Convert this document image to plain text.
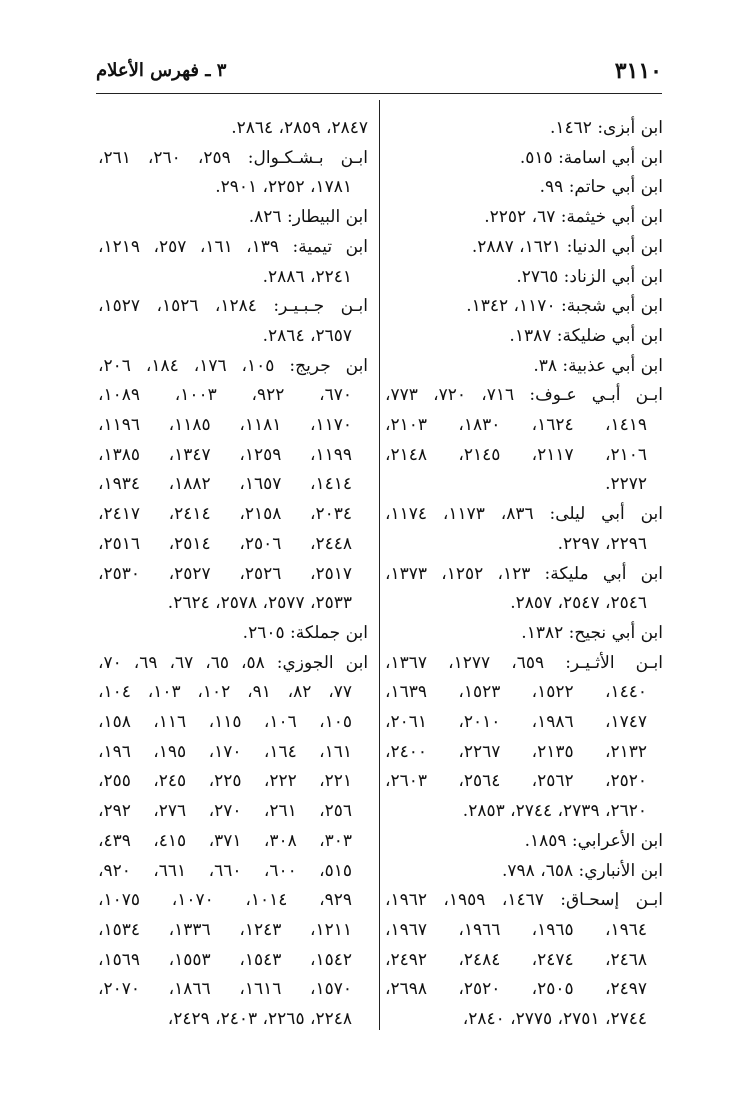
٣١١٠
٣ ـ فهرس الأعلام
ابن أبزى: ١٤٦٢.
ابن أبي اسامة: ٥١٥.
ابن أبي حاتم: ٩٩.
ابن أبي خيثمة: ٦٧، ٢٢٥٢.
ابن أبي الدنيا: ١٦٢١، ٢٨٨٧.
ابن أبي الزناد: ٢٧٦٥.
ابن أبي شجبة: ١١٧٠، ١٣٤٢.
ابن أبي ضليكة: ١٣٨٧.
ابن أبي عذبية: ٣٨.
ابـن أبـي عـوف: ٧١٦، ٧٢٠، ٧٧٣،
١٤١٩، ١٦٢٤، ١٨٣٠، ٢١٠٣،
٢١٠٦، ٢١١٧، ٢١٤٥، ٢١٤٨،
٢٢٧٢.
ابن أبي ليلى: ٨٣٦، ١١٧٣، ١١٧٤،
٢٢٩٦، ٢٢٩٧.
ابن أبي مليكة: ١٢٣، ١٢٥٢، ١٣٧٣،
٢٥٤٦، ٢٥٤٧، ٢٨٥٧.
ابن أبي نجيح: ١٣٨٢.
ابـن الأثـيـر: ٦٥٩، ١٢٧٧، ١٣٦٧،
١٤٤٠، ١٥٢٢، ١٥٢٣، ١٦٣٩،
١٧٤٧، ١٩٨٦، ٢٠١٠، ٢٠٦١،
٢١٣٢، ٢١٣٥، ٢٢٦٧، ٢٤٠٠،
٢٥٢٠، ٢٥٦٢، ٢٥٦٤، ٢٦٠٣،
٢٦٢٠، ٢٧٣٩، ٢٧٤٤، ٢٨٥٣.
ابن الأعرابي: ١٨٥٩.
ابن الأنباري: ٦٥٨، ٧٩٨.
ابـن إسحـاق: ١٤٦٧، ١٩٥٩، ١٩٦٢،
١٩٦٤، ١٩٦٥، ١٩٦٦، ١٩٦٧،
٢٤٦٨، ٢٤٧٤، ٢٤٨٤، ٢٤٩٢،
٢٤٩٧، ٢٥٠٥، ٢٥٢٠، ٢٦٩٨،
٢٧٤٤، ٢٧٥١، ٢٧٧٥، ٢٨٤٠،
٢٨٤٧، ٢٨٥٩، ٢٨٦٤.
ابـن بـشـكـوال: ٢٥٩، ٢٦٠، ٢٦١،
١٧٨١، ٢٢٥٢، ٢٩٠١.
ابن البيطار: ٨٢٦.
ابن تيمية: ١٣٩، ١٦١، ٢٥٧، ١٢١٩،
٢٢٤١، ٢٨٨٦.
ابـن جـبـيـر: ١٢٨٤، ١٥٢٦، ١٥٢٧،
٢٦٥٧، ٢٨٦٤.
ابن جريج: ١٠٥، ١٧٦، ١٨٤، ٢٠٦،
٦٧٠، ٩٢٢، ١٠٠٣، ١٠٨٩،
١١٧٠، ١١٨١، ١١٨٥، ١١٩٦،
١١٩٩، ١٢٥٩، ١٣٤٧، ١٣٨٥،
١٤١٤، ١٦٥٧، ١٨٨٢، ١٩٣٤،
٢٠٣٤، ٢١٥٨، ٢٤١٤، ٢٤١٧،
٢٤٤٨، ٢٥٠٦، ٢٥١٤، ٢٥١٦،
٢٥١٧، ٢٥٢٦، ٢٥٢٧، ٢٥٣٠،
٢٥٣٣، ٢٥٧٧، ٢٥٧٨، ٢٦٢٤.
ابن جملكة: ٢٦٠٥.
ابن الجوزي: ٥٨، ٦٥، ٦٧، ٦٩، ٧٠،
٧٧، ٨٢، ٩١، ١٠٢، ١٠٣، ١٠٤،
١٠٥، ١٠٦، ١١٥، ١١٦، ١٥٨،
١٦١، ١٦٤، ١٧٠، ١٩٥، ١٩٦،
٢٢١، ٢٢٢، ٢٢٥، ٢٤٥، ٢٥٥،
٢٥٦، ٢٦١، ٢٧٠، ٢٧٦، ٢٩٢،
٣٠٣، ٣٠٨، ٣٧١، ٤١٥، ٤٣٩،
٥١٥، ٦٠٠، ٦٦٠، ٦٦١، ٩٢٠،
٩٢٩، ١٠١٤، ١٠٧٠، ١٠٧٥،
١٢١١، ١٢٤٣، ١٣٣٦، ١٥٣٤،
١٥٤٢، ١٥٤٣، ١٥٥٣، ١٥٦٩،
١٥٧٠، ١٦١٦، ١٨٦٦، ٢٠٧٠،
٢٢٤٨، ٢٢٦٥، ٢٤٠٣، ٢٤٢٩،
